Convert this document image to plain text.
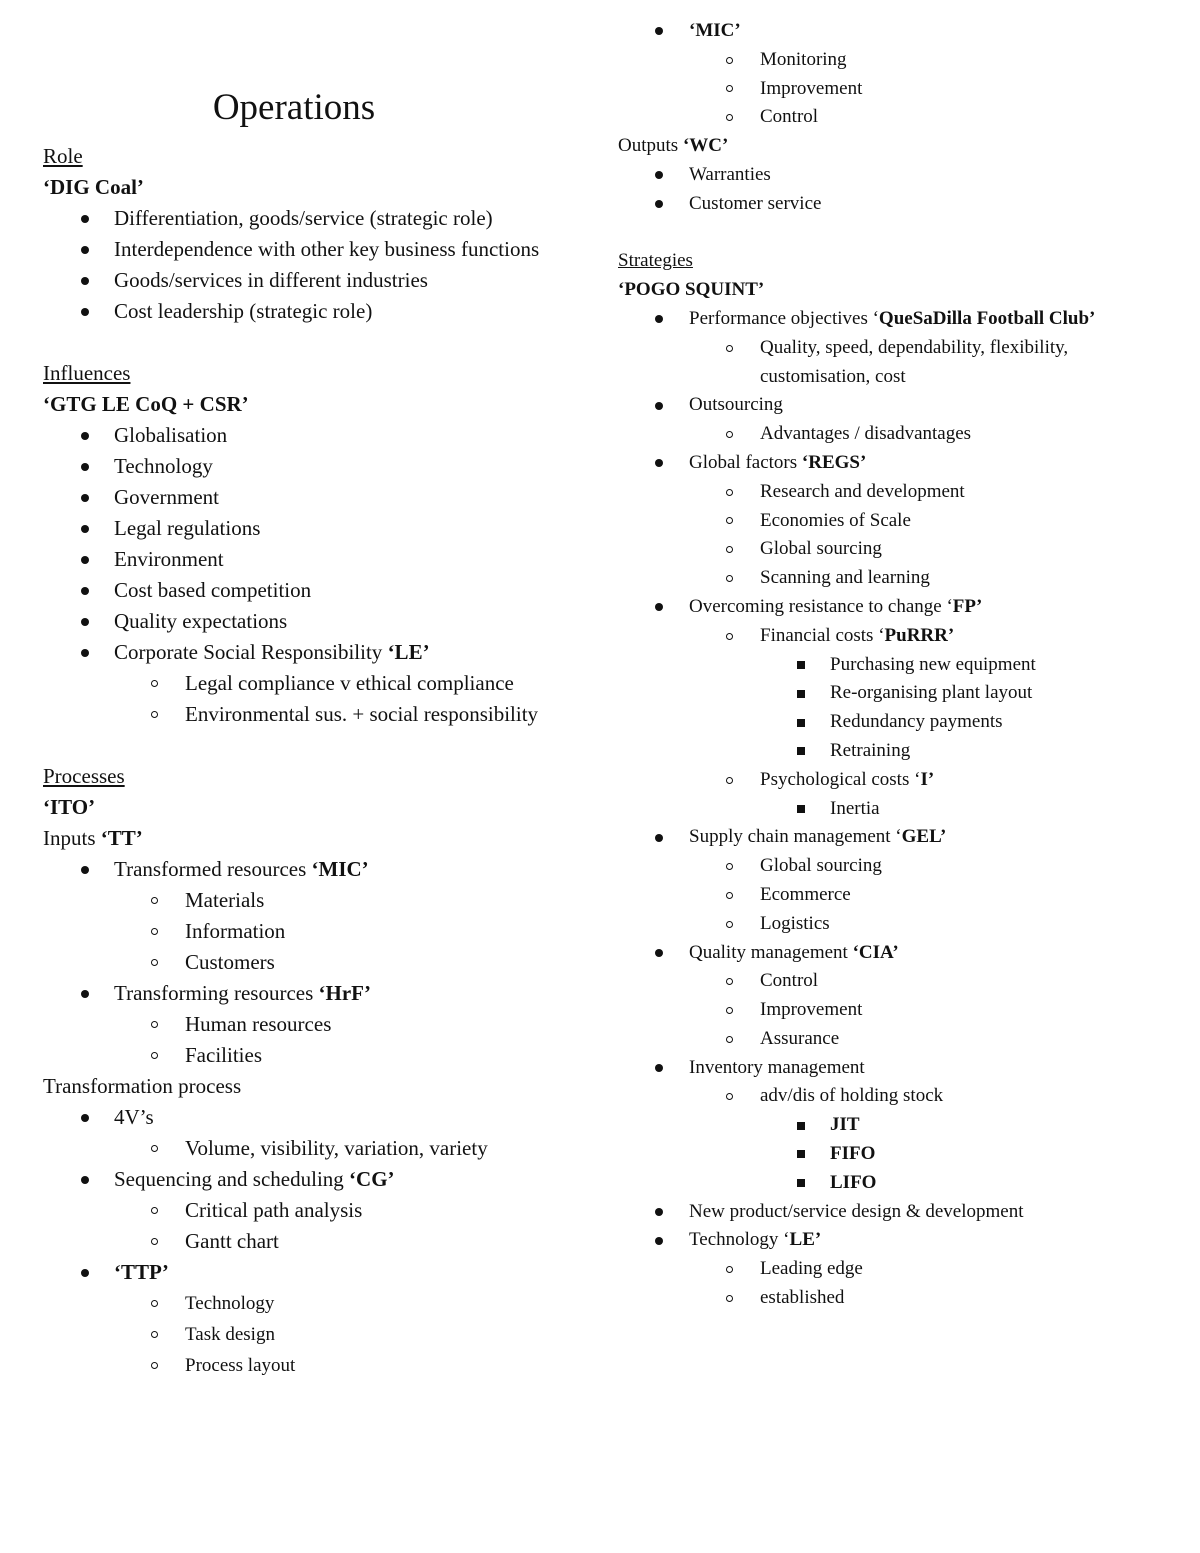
Operations
Role
‘DIG Coal’
Differentiation, goods/service (strategic role)
Interdependence with other key business functions
Goods/services in different industries
Cost leadership (strategic role)
Influences
‘GTG LE CoQ + CSR’
Globalisation
Technology
Government
Legal regulations
Environment
Cost based competition
Quality expectations
Corporate Social Responsibility ‘LE’
Legal compliance v ethical compliance
Environmental sus. + social responsibility
Processes
‘ITO’
Inputs ‘TT’
Transformed resources ‘MIC’
Materials
Information
Customers
Transforming resources ‘HrF’
Human resources
Facilities
Transformation process
4V’s
Volume, visibility, variation, variety
Sequencing and scheduling ‘CG’
Critical path analysis
Gantt chart
‘TTP’
Technology
Task design
Process layout
‘MIC’
Monitoring
Improvement
Control
Outputs ‘WC’
Warranties
Customer service
Strategies
‘POGO SQUINT’
Performance objectives ‘QueSaDilla Football Club’
Quality, speed, dependability, flexibility, customisation, cost
Outsourcing
Advantages / disadvantages
Global factors ‘REGS’
Research and development
Economies of Scale
Global sourcing
Scanning and learning
Overcoming resistance to change ‘FP’
Financial costs ‘PuRRR’
Purchasing new equipment
Re-organising plant layout
Redundancy payments
Retraining
Psychological costs ‘I’
Inertia
Supply chain management ‘GEL’
Global sourcing
Ecommerce
Logistics
Quality management ‘CIA’
Control
Improvement
Assurance
Inventory management
adv/dis of holding stock
JIT
FIFO
LIFO
New product/service design & development
Technology ‘LE’
Leading edge
established
